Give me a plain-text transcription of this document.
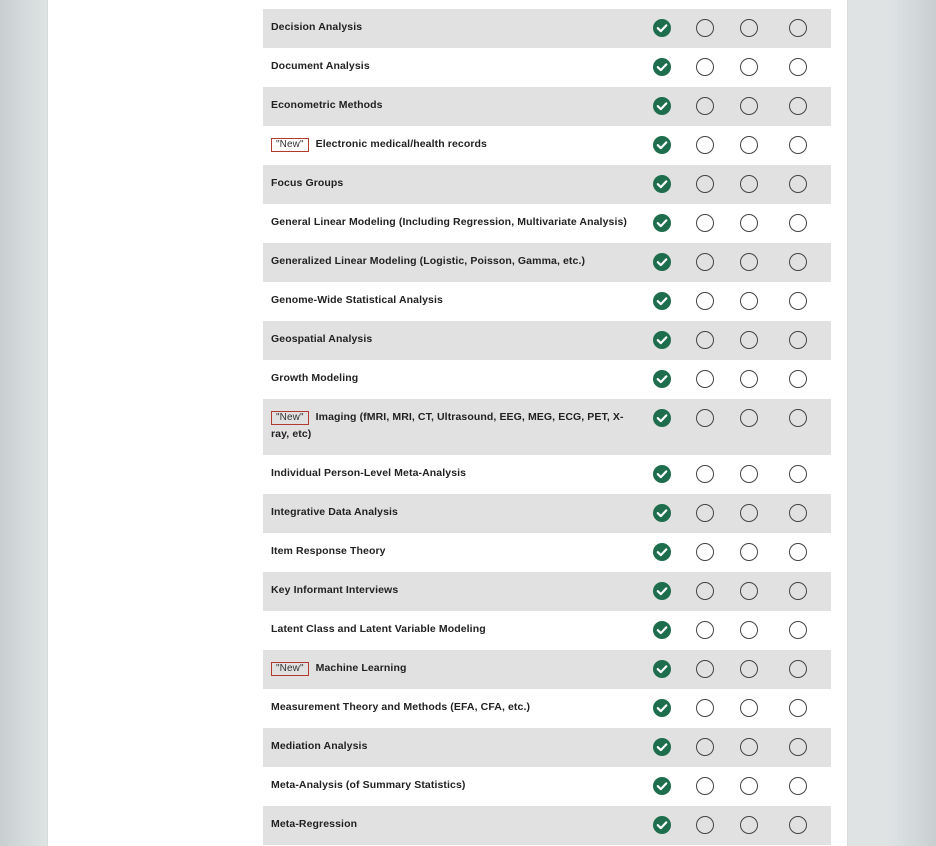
Decision Analysis
Document Analysis
Econometric Methods
"New" Electronic medical/health records
Focus Groups
General Linear Modeling (Including Regression, Multivariate Analysis)
Generalized Linear Modeling (Logistic, Poisson, Gamma, etc.)
Genome-Wide Statistical Analysis
Geospatial Analysis
Growth Modeling
"New" Imaging (fMRI, MRI, CT, Ultrasound, EEG, MEG, ECG, PET, X-ray, etc)
Individual Person-Level Meta-Analysis
Integrative Data Analysis
Item Response Theory
Key Informant Interviews
Latent Class and Latent Variable Modeling
"New" Machine Learning
Measurement Theory and Methods (EFA, CFA, etc.)
Mediation Analysis
Meta-Analysis (of Summary Statistics)
Meta-Regression
